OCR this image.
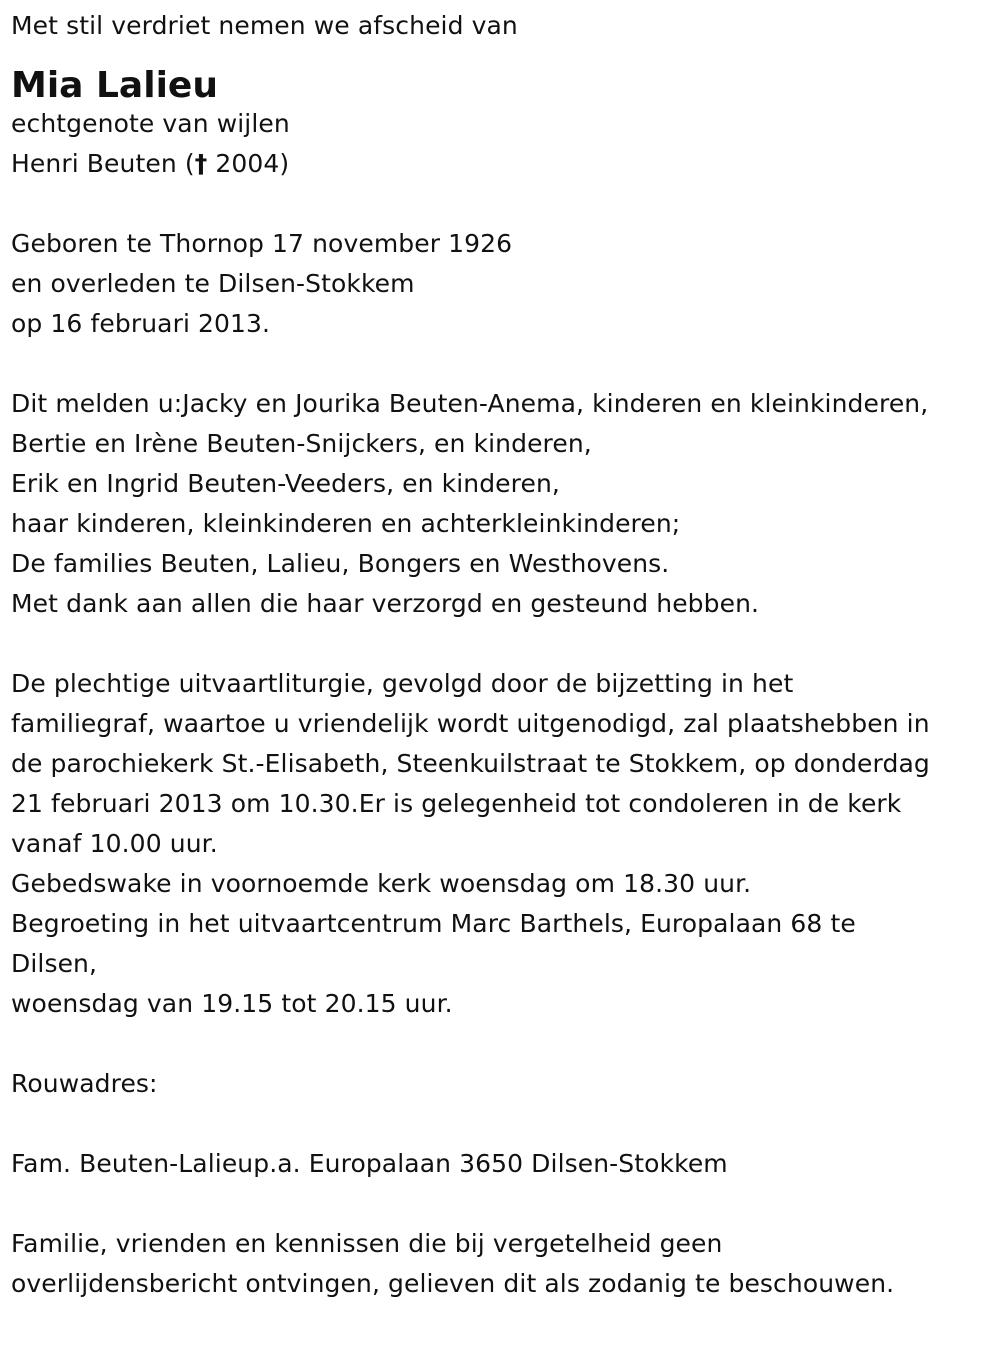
Met stil verdriet nemen we afscheid van

Mia Lalieu

echtgenote van wijlen

Henri Beuten († 2004)

Geboren te Thornop 17 november 1926

en overleden te Dilsen-Stokkem

op 16 februari 2013.

Dit melden u:Jacky en Jourika Beuten-Anema, kinderen en kleinkinderen,

Bertie en Irène Beuten-Snijckers, en kinderen,

Erik en Ingrid Beuten-Veeders, en kinderen,

haar kinderen, kleinkinderen en achterkleinkinderen;

De families Beuten, Lalieu, Bongers en Westhovens.

Met dank aan allen die haar verzorgd en gesteund hebben.

De plechtige uitvaartliturgie, gevolgd door de bijzetting in het

familiegraf, waartoe u vriendelijk wordt uitgenodigd, zal plaatshebben in

de parochiekerk St.-Elisabeth, Steenkuilstraat te Stokkem, op donderdag

21 februari 2013 om 10.30.Er is gelegenheid tot condoleren in de kerk

vanaf 10.00 uur.

Gebedswake in voornoemde kerk woensdag om 18.30 uur.

Begroeting in het uitvaartcentrum Marc Barthels, Europalaan 68 te

Dilsen,

woensdag van 19.15 tot 20.15 uur.

Rouwadres:

Fam. Beuten-Lalieup.a. Europalaan 3650 Dilsen-Stokkem

Familie, vrienden en kennissen die bij vergetelheid geen

overlijdensbericht ontvingen, gelieven dit als zodanig te beschouwen.
